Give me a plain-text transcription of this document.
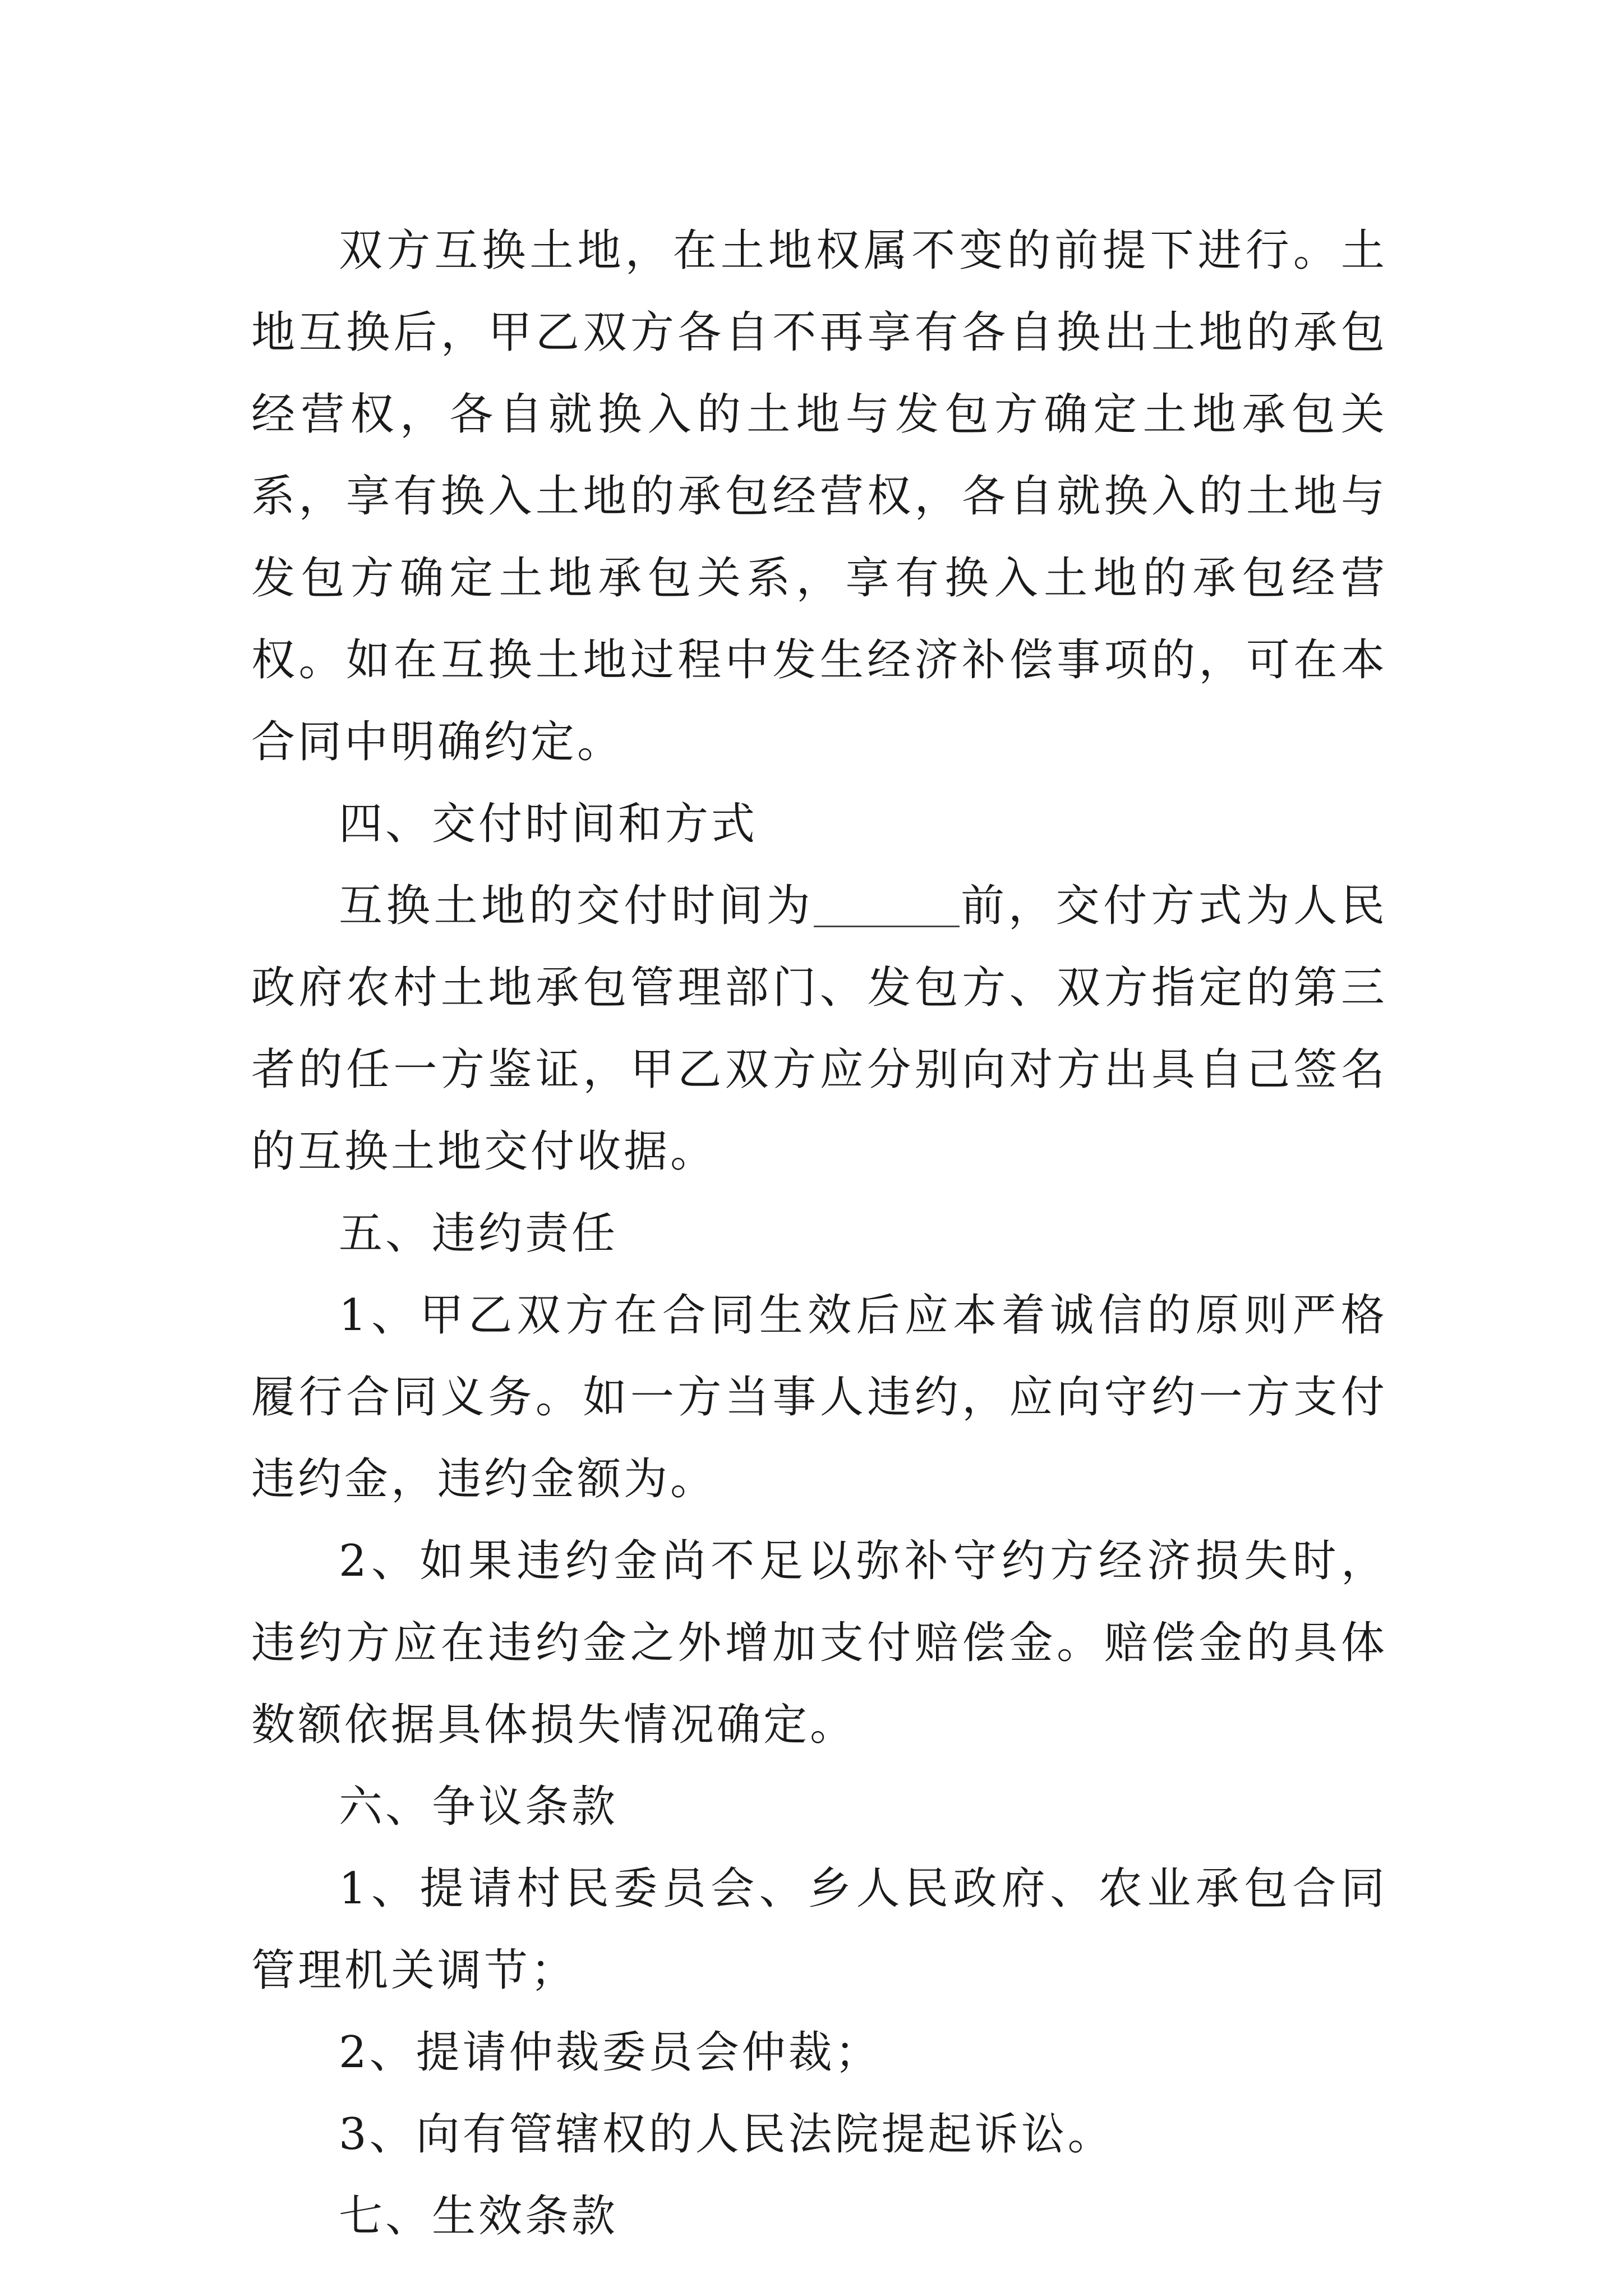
双方互换土地，在土地权属不变的前提下进行。土地互换后，甲乙双方各自不再享有各自换出土地的承包经营权，各自就换入的土地与发包方确定土地承包关系，享有换入土地的承包经营权，各自就换入的土地与发包方确定土地承包关系，享有换入土地的承包经营权。如在互换土地过程中发生经济补偿事项的，可在本合同中明确约定。

四、交付时间和方式

互换土地的交付时间为	前，交付方式为人民政府农村土地承包管理部门、发包方、双方指定的第三者的任一方鉴证，甲乙双方应分别向对方出具自己签名的互换土地交付收据。

五、违约责任

1、甲乙双方在合同生效后应本着诚信的原则严格履行合同义务。如一方当事人违约，应向守约一方支付违约金，违约金额为。

2、如果违约金尚不足以弥补守约方经济损失时，违约方应在违约金之外增加支付赔偿金。赔偿金的具体数额依据具体损失情况确定。

六、争议条款

1、提请村民委员会、乡人民政府、农业承包合同管理机关调节；

2、提请仲裁委员会仲裁；

3、向有管辖权的人民法院提起诉讼。

七、生效条款
